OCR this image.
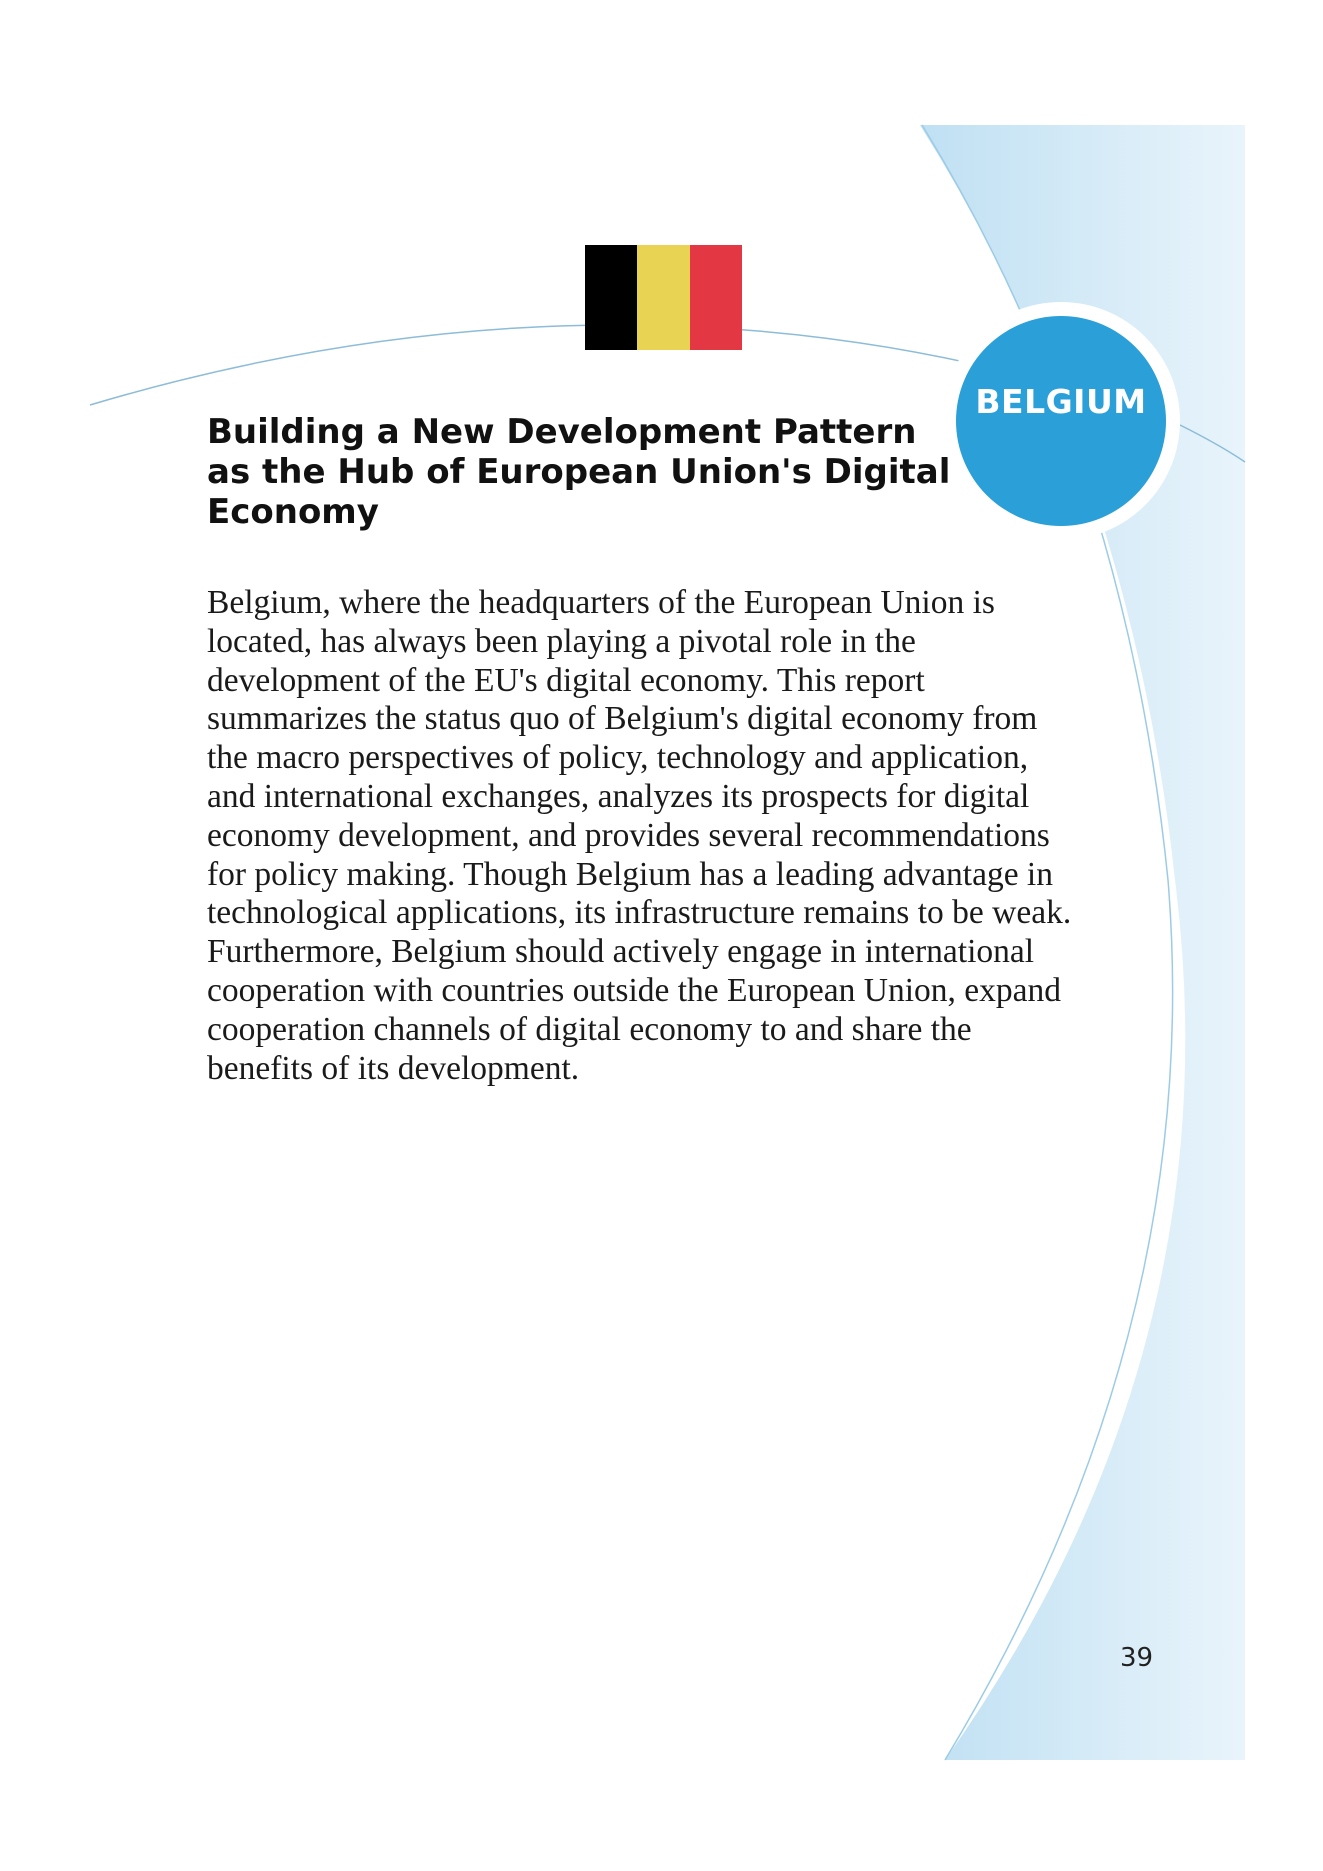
BELGIUM
Building a New Development Pattern as the Hub of European Union's Digital Economy

Belgium, where the headquarters of the European Union is located, has always been playing a pivotal role in the development of the EU's digital economy. This report summarizes the status quo of Belgium's digital economy from the macro perspectives of policy, technology and application, and international exchanges, analyzes its prospects for digital economy development, and provides several recommendations for policy making. Though Belgium has a leading advantage in technological applications, its infrastructure remains to be weak. Furthermore, Belgium should actively engage in international cooperation with countries outside the European Union, expand cooperation channels of digital economy to and share the benefits of its development.

39
